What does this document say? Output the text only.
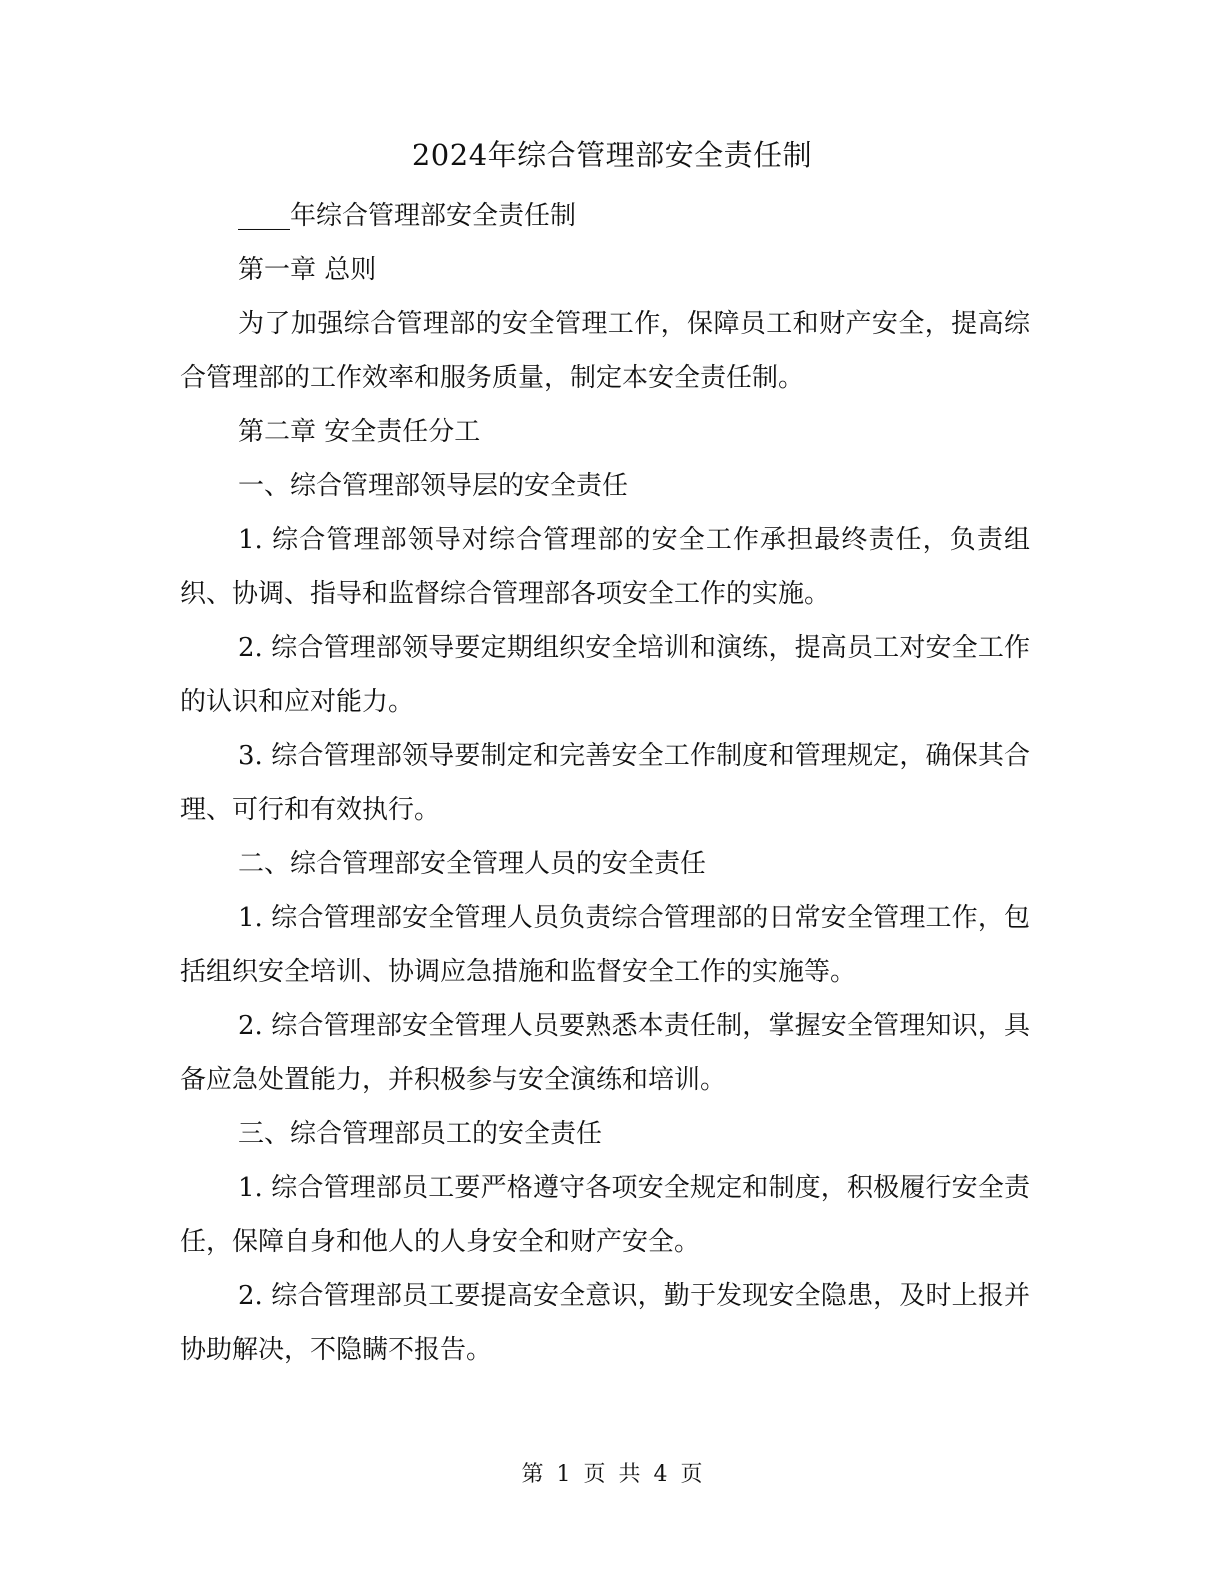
2024年综合管理部安全责任制

____年综合管理部安全责任制

第一章 总则

为了加强综合管理部的安全管理工作，保障员工和财产安全，提高综合管理部的工作效率和服务质量，制定本安全责任制。

第二章 安全责任分工

一、综合管理部领导层的安全责任

1. 综合管理部领导对综合管理部的安全工作承担最终责任，负责组织、协调、指导和监督综合管理部各项安全工作的实施。

2. 综合管理部领导要定期组织安全培训和演练，提高员工对安全工作的认识和应对能力。

3. 综合管理部领导要制定和完善安全工作制度和管理规定，确保其合理、可行和有效执行。

二、综合管理部安全管理人员的安全责任

1. 综合管理部安全管理人员负责综合管理部的日常安全管理工作，包括组织安全培训、协调应急措施和监督安全工作的实施等。

2. 综合管理部安全管理人员要熟悉本责任制，掌握安全管理知识，具备应急处置能力，并积极参与安全演练和培训。

三、综合管理部员工的安全责任

1. 综合管理部员工要严格遵守各项安全规定和制度，积极履行安全责任，保障自身和他人的人身安全和财产安全。

2. 综合管理部员工要提高安全意识，勤于发现安全隐患，及时上报并协助解决，不隐瞒不报告。

第 1 页 共 4 页
